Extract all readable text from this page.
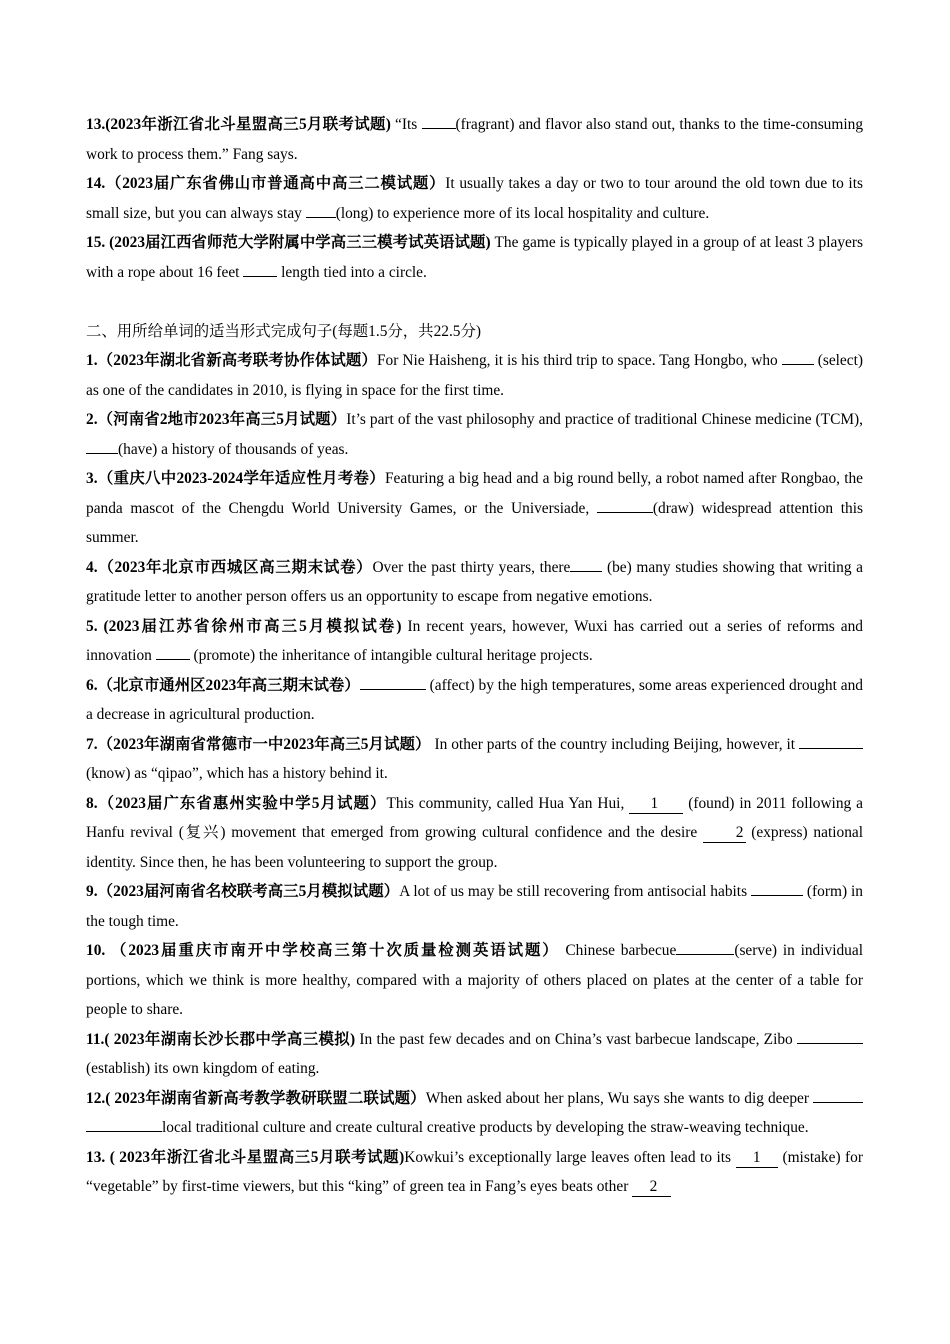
13.(2023年浙江省北斗星盟高三5月联考试题) “Its (fragrant) and flavor also stand out, thanks to the time-consuming work to process them.” Fang says.

14.（2023届广东省佛山市普通高中高三二模试题）It usually takes a day or two to tour around the old town due to its small size, but you can always stay (long) to experience more of its local hospitality and culture.

15. (2023届江西省师范大学附属中学高三三模考试英语试题) The game is typically played in a group of at least 3 players with a rope about 16 feet  length tied into a circle.

二、用所给单词的适当形式完成句子(每题1.5分，共22.5分)

1.（2023年湖北省新高考联考协作体试题）For Nie Haisheng, it is his third trip to space. Tang Hongbo, who  (select) as one of the candidates in 2010, is flying in space for the first time.

2.（河南省2地市2023年高三5月试题）It’s part of the vast philosophy and practice of traditional Chinese medicine (TCM), (have) a history of thousands of yeas.

3.（重庆八中2023-2024学年适应性月考卷）Featuring a big head and a big round belly, a robot named after Rongbao, the panda mascot of the Chengdu World University Games, or the Universiade,	(draw) widespread attention this summer.

4.（2023年北京市西城区高三期末试卷）Over the past thirty years, there (be) many studies showing that writing a gratitude letter to another person offers us an opportunity to escape from negative emotions.

5. (2023届江苏省徐州市高三5月模拟试卷) In recent years, however, Wuxi has carried out a series of reforms and innovation  (promote) the inheritance of intangible cultural heritage projects.

6.（北京市通州区2023年高三期末试卷）	(affect) by the high temperatures, some areas experienced drought and a decrease in agricultural production.

7.（2023年湖南省常德市一中2023年高三5月试题） In other parts of the country including Beijing, however, it  (know) as “qipao”, which has a history behind it.

8.（2023届广东省惠州实验中学5月试题）This community, called Hua Yan Hui,      1       (found) in 2011 following a Hanfu revival (复兴) movement that emerged from growing cultural confidence and the desire         2 (express) national identity. Since then, he has been volunteering to support the group.

9.（2023届河南省名校联考高三5月模拟试题）A lot of us may be still recovering from antisocial habits	(form) in the tough time.

10. （2023届重庆市南开中学校高三第十次质量检测英语试题） Chinese barbecue	(serve) in individual portions, which we think is more healthy, compared with a majority of others placed on plates at the center of a table for people to share.

11.( 2023年湖南长沙长郡中学高三模拟) In the past few decades and on China’s vast barbecue landscape, Zibo (establish) its own kingdom of eating.

12.( 2023年湖南省新高考教学教研联盟二联试题）When asked about her plans, Wu says she wants to dig deeper  local traditional culture and create cultural creative products by developing the straw-weaving technique.

13. ( 2023年浙江省北斗星盟高三5月联考试题)Kowkui’s exceptionally large leaves often lead to its     1     (mistake) for “vegetable” by first-time viewers, but this “king” of green tea in Fang’s eyes beats other     2
